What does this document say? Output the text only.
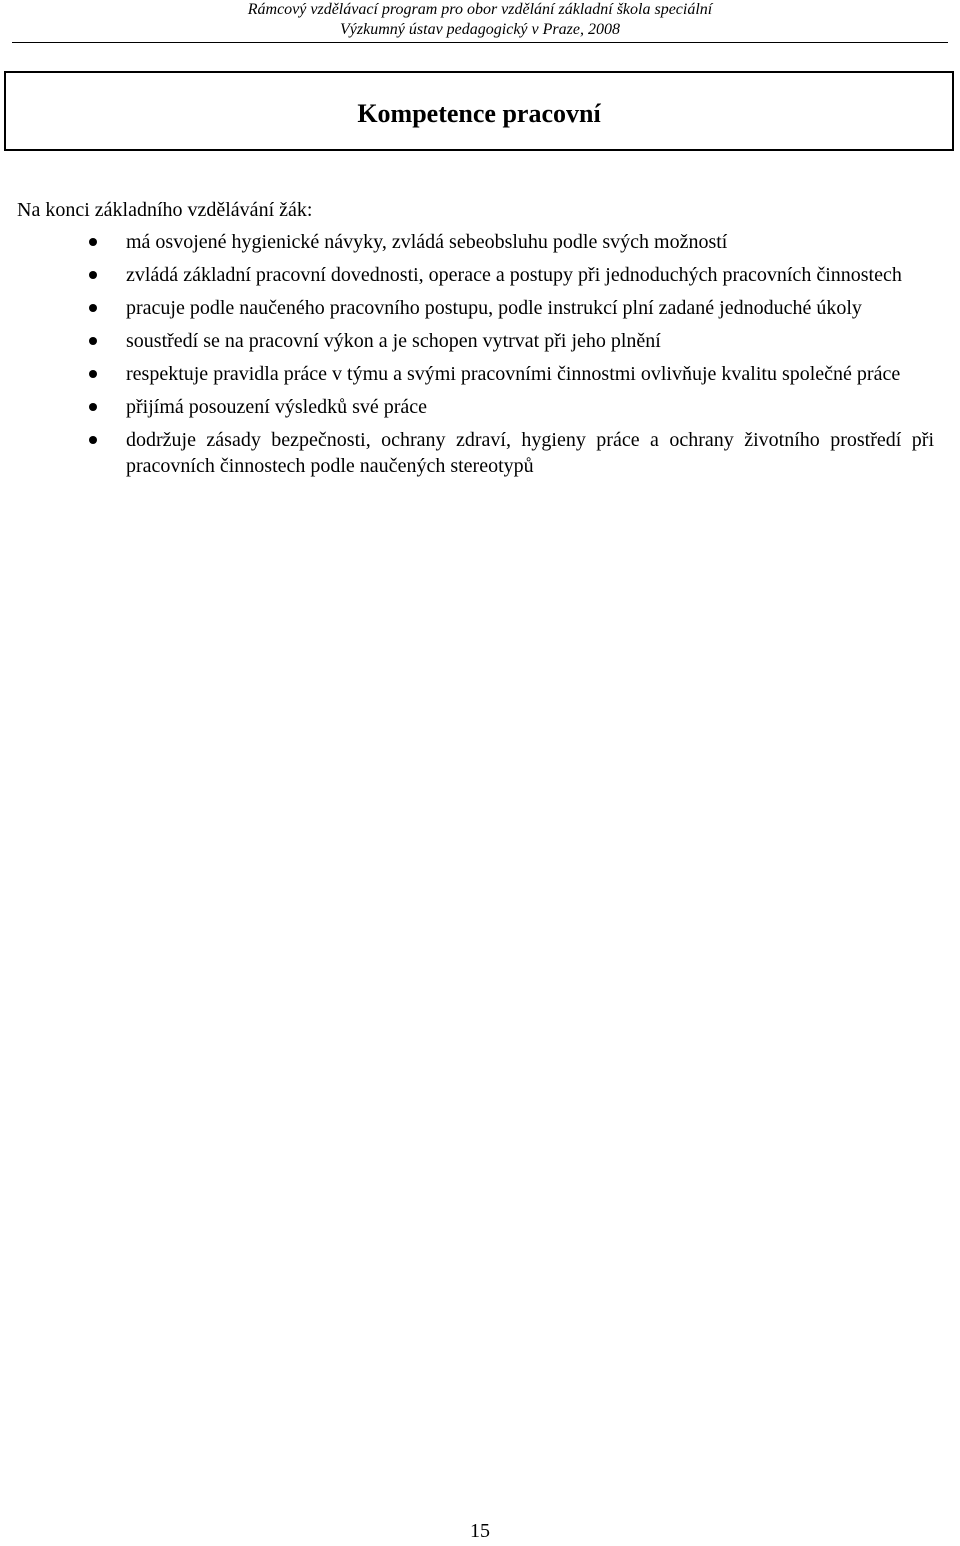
Rámcový vzdělávací program pro obor vzdělání základní škola speciální
Výzkumný ústav pedagogický v Praze, 2008
Kompetence pracovní

Na konci základního vzdělávání žák:

má osvojené hygienické návyky, zvládá sebeobsluhu podle svých možností
zvládá základní pracovní dovednosti, operace a postupy při jednoduchých pracovních činnostech
pracuje podle naučeného pracovního postupu, podle instrukcí plní zadané jednoduché úkoly
soustředí se na pracovní výkon a je schopen vytrvat při jeho plnění
respektuje pravidla práce v týmu a svými pracovními činnostmi ovlivňuje kvalitu společné práce
přijímá posouzení výsledků své práce
dodržuje zásady bezpečnosti, ochrany zdraví, hygieny práce a ochrany životního prostředí při pracovních činnostech podle naučených stereotypů
15
